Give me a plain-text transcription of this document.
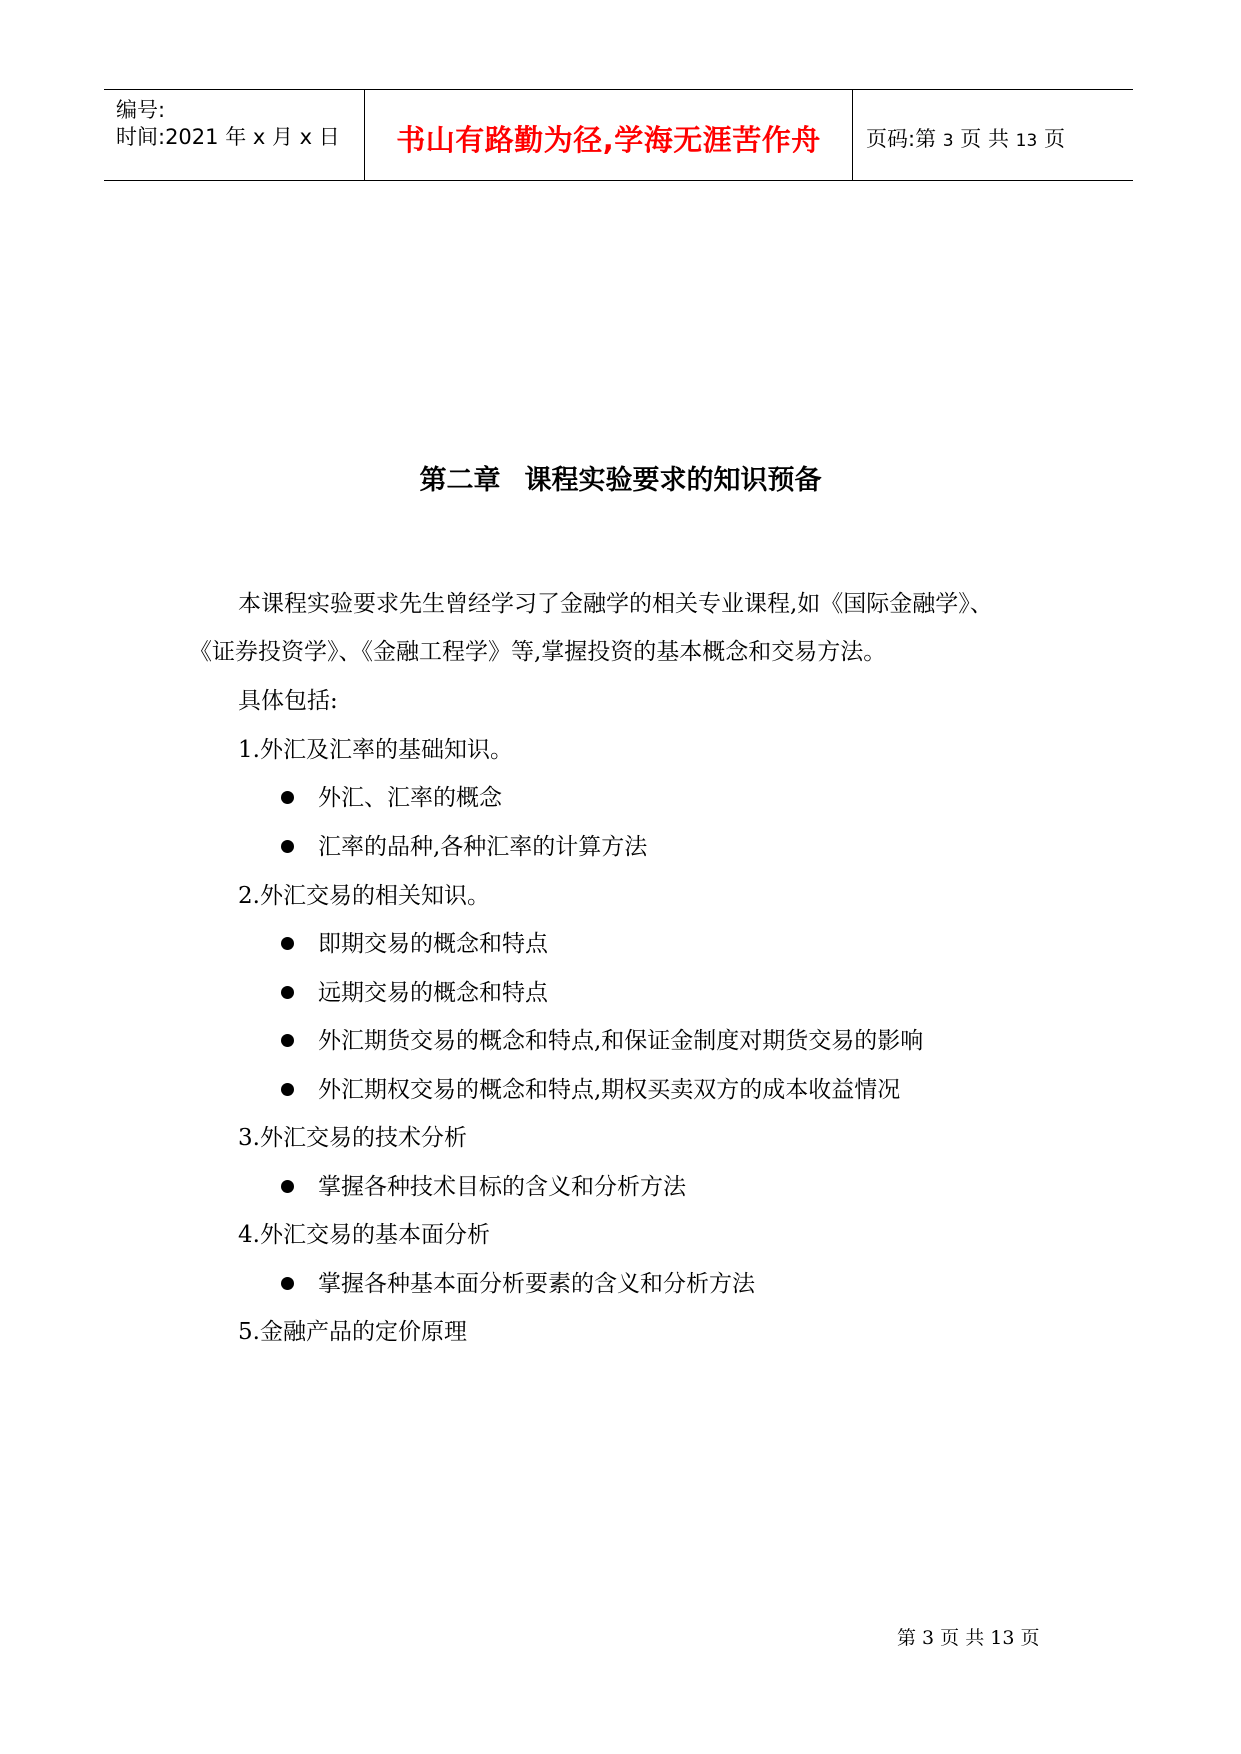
编号:
时间:2021 年 x 月 x 日 书山有路勤为径,学海无涯苦作舟 页码:第 3 页 共 13 页
第二章 课程实验要求的知识预备
本课程实验要求先生曾经学习了金融学的相关专业课程,如《国际金融学》、
《证券投资学》、《金融工程学》等,掌握投资的基本概念和交易方法。
具体包括:
1.外汇及汇率的基础知识。
外汇、汇率的概念
汇率的品种,各种汇率的计算方法
2.外汇交易的相关知识。
即期交易的概念和特点
远期交易的概念和特点
外汇期货交易的概念和特点,和保证金制度对期货交易的影响
外汇期权交易的概念和特点,期权买卖双方的成本收益情况
3.外汇交易的技术分析
掌握各种技术目标的含义和分析方法
4.外汇交易的基本面分析
掌握各种基本面分析要素的含义和分析方法
5.金融产品的定价原理
第 3 页 共 13 页
